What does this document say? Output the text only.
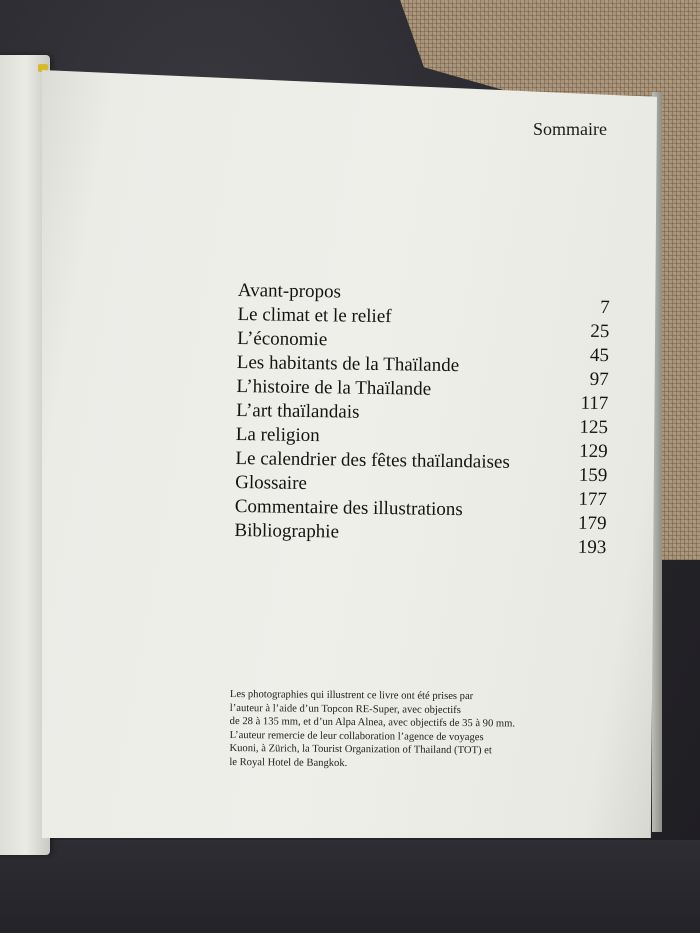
Sommaire
Avant-propos
7
Le climat et le relief
25
L’économie
45
Les habitants de la Thaïlande
97
L’histoire de la Thaïlande
117
L’art thaïlandais
125
La religion
129
Le calendrier des fêtes thaïlandaises
159
Glossaire
177
Commentaire des illustrations
179
Bibliographie
193
Les photographies qui illustrent ce livre ont été prises par
l’auteur à l’aide d’un Topcon RE-Super, avec objectifs
de 28 à 135 mm, et d’un Alpa Alnea, avec objectifs de 35 à 90 mm.
L’auteur remercie de leur collaboration l’agence de voyages
Kuoni, à Zürich, la Tourist Organization of Thailand (TOT) et
le Royal Hotel de Bangkok.
